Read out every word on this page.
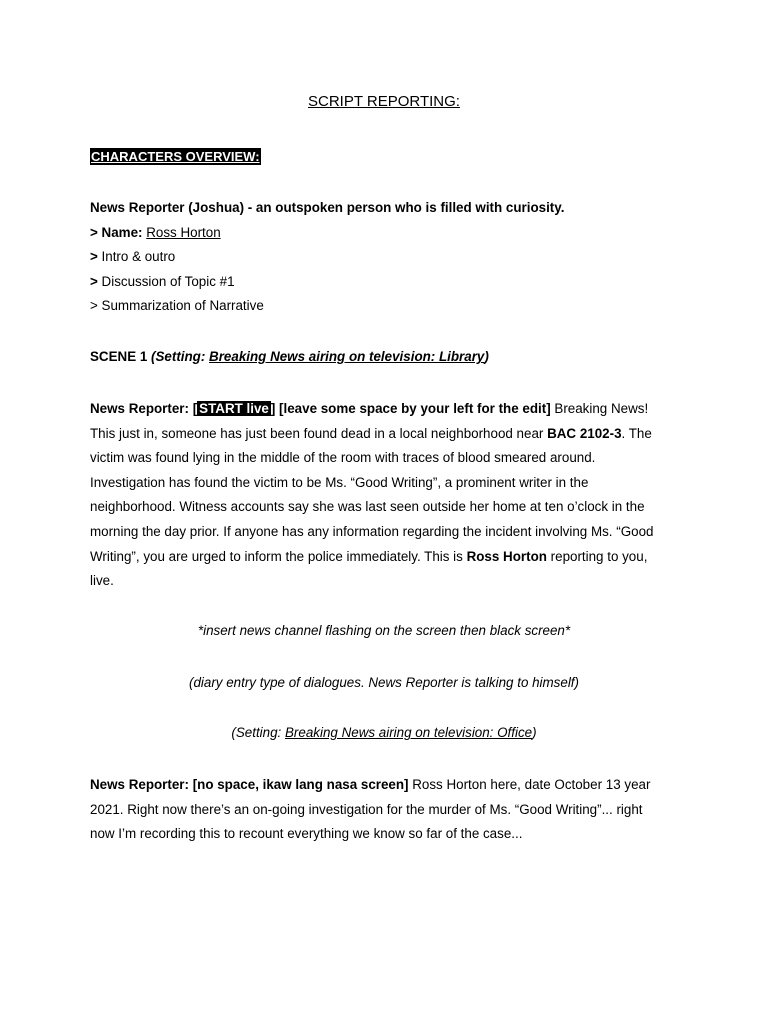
SCRIPT REPORTING:
CHARACTERS OVERVIEW:
News Reporter (Joshua) - an outspoken person who is filled with curiosity.
> Name: Ross Horton
> Intro & outro
> Discussion of Topic #1
> Summarization of Narrative
SCENE 1 (Setting: Breaking News airing on television: Library)
News Reporter: [ START live ] [leave some space by your left for the edit] Breaking News!
This just in, someone has just been found dead in a local neighborhood near BAC 2102-3. The
victim was found lying in the middle of the room with traces of blood smeared around.
Investigation has found the victim to be Ms. “Good Writing”, a prominent writer in the
neighborhood. Witness accounts say she was last seen outside her home at ten o’clock in the
morning the day prior. If anyone has any information regarding the incident involving Ms. “Good
Writing”, you are urged to inform the police immediately. This is Ross Horton reporting to you,
live.
*insert news channel flashing on the screen then black screen*
(diary entry type of dialogues. News Reporter is talking to himself)
(Setting: Breaking News airing on television: Office)
News Reporter: [no space, ikaw lang nasa screen] Ross Horton here, date October 13 year
2021. Right now there’s an on-going investigation for the murder of Ms. “Good Writing”... right
now I’m recording this to recount everything we know so far of the case...
